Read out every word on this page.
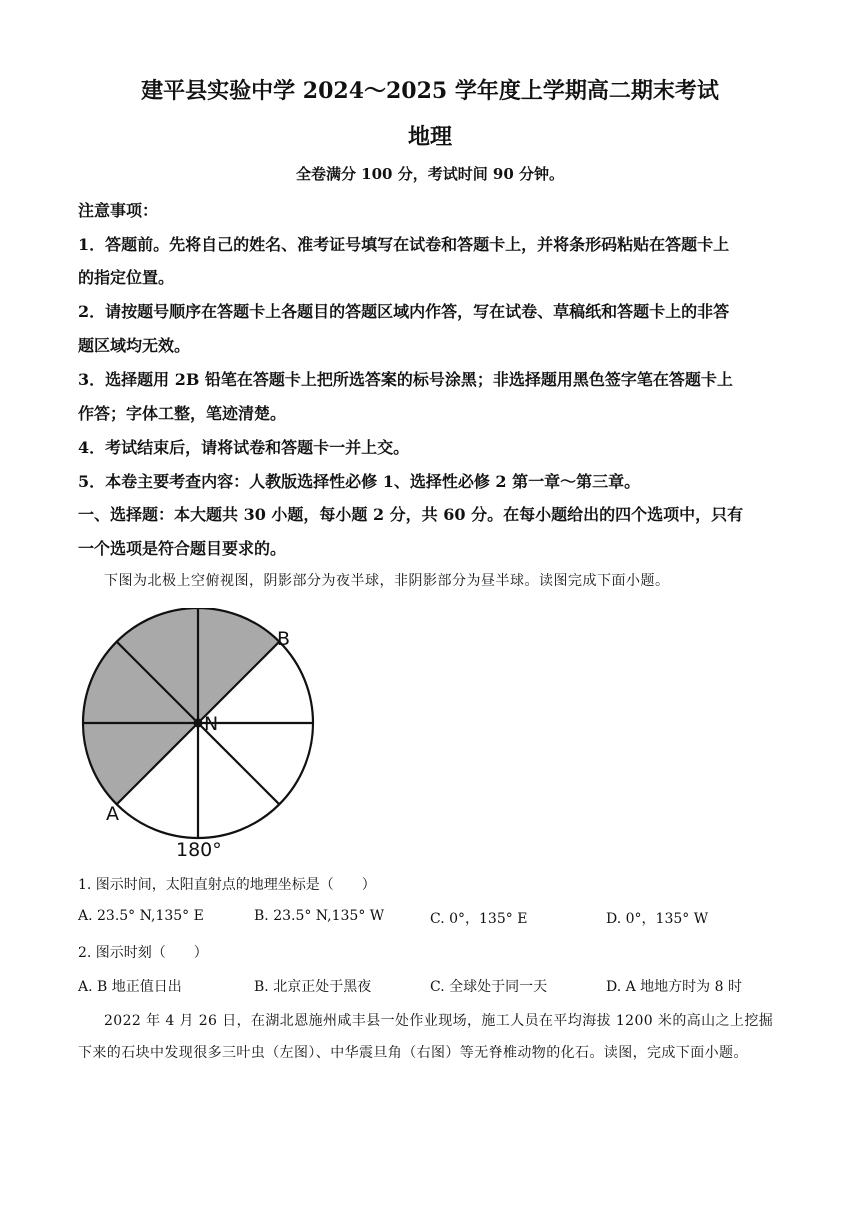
建平县实验中学 2024～2025 学年度上学期高二期末考试
地理
全卷满分 100 分，考试时间 90 分钟。
注意事项：
1．答题前。先将自己的姓名、准考证号填写在试卷和答题卡上，并将条形码粘贴在答题卡上
的指定位置。
2．请按题号顺序在答题卡上各题目的答题区域内作答，写在试卷、草稿纸和答题卡上的非答
题区域均无效。
3．选择题用 2B 铅笔在答题卡上把所选答案的标号涂黑；非选择题用黑色签字笔在答题卡上
作答；字体工整，笔迹清楚。
4．考试结束后，请将试卷和答题卡一并上交。
5．本卷主要考查内容：人教版选择性必修 1、选择性必修 2 第一章～第三章。
一、选择题：本大题共 30 小题，每小题 2 分，共 60 分。在每小题给出的四个选项中，只有
一个选项是符合题目要求的。
下图为北极上空俯视图，阴影部分为夜半球，非阴影部分为昼半球。读图完成下面小题。
N
B
A
180°
1. 图示时间，太阳直射点的地理坐标是（　　）
A. 23.5° N,135° E	B. 23.5° N,135° W	C. 0°，135° E	D. 0°，135° W
2. 图示时刻（　　）
A. B 地正值日出	B. 北京正处于黑夜	C. 全球处于同一天	D. A 地地方时为 8 时
2022 年 4 月 26 日，在湖北恩施州咸丰县一处作业现场，施工人员在平均海拔 1200 米的高山之上挖掘
下来的石块中发现很多三叶虫（左图）、中华震旦角（右图）等无脊椎动物的化石。读图，完成下面小题。
